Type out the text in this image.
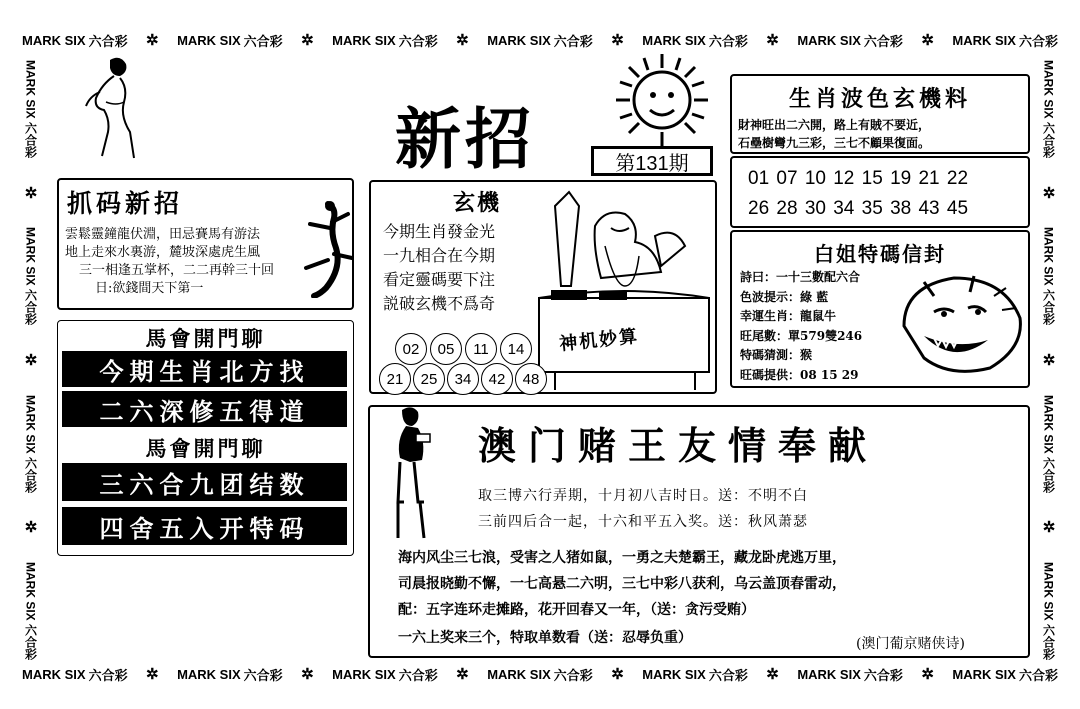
MARK SIX 六合彩 ✲ MARK SIX 六合彩 ✲ MARK SIX 六合彩 ✲ MARK SIX 六合彩 ✲ MARK SIX 六合彩 ✲ MARK SIX 六合彩 ✲ MARK SIX 六合彩
MARK SIX 六合彩 ✲ MARK SIX 六合彩 ✲ MARK SIX 六合彩 ✲ MARK SIX 六合彩 ✲ MARK SIX 六合彩 ✲ MARK SIX 六合彩 ✲ MARK SIX 六合彩
MARK SIX 六合彩
✲
MARK SIX 六合彩
✲
MARK SIX 六合彩
✲
MARK SIX 六合彩
MARK SIX 六合彩
✲
MARK SIX 六合彩
✲
MARK SIX 六合彩
✲
MARK SIX 六合彩
新招	第131期
抓码新招
雲鬆靈鐘龍伏淵，田忌賽馬有游法
地上走來水裏游，麓坡深處虎生風
三一相逢五掌杯，二二再幹三十回
日:欲錢間天下第一
馬會開門聊
今期生肖北方找
二六深修五得道
馬會開門聊
三六合九团结数
四舍五入开特码
玄機
今期生肖發金光
一九相合在今期
看定靈碼要下注
説破玄機不爲奇
神机妙算
02	05	11	14
21	25	34	42	48
生肖波色玄機料
財神旺出二六開，路上有賊不要近，
石壘樹彎九三彩，三七不顧果復面。
01 07 10 12 15 19 21 22
26 28 30 34 35 38 43 45
白姐特碼信封
詩曰：一十三數配六合
色波提示：綠 藍
幸運生肖：龍鼠牛
旺尾數：單579雙246
特碼猜測：猴
旺碼提供：08 15 29
澳门赌王友情奉献
取三博六行弄期，十月初八吉时日。送：不明不白
三前四后合一起，十六和平五入奖。送：秋风萧瑟
海内风尘三七浪，受害之人猪如鼠，一勇之夫楚霸王，藏龙卧虎逃万里，
司晨报晓勤不懈，一七高悬二六明，三七中彩八获利，乌云盖顶春雷动，
配：五字连环走摊路，花开回春又一年，（送：贪污受贿）
一六上奖来三个，特取单数看（送：忍辱负重）	(澳门葡京赌侠诗)
